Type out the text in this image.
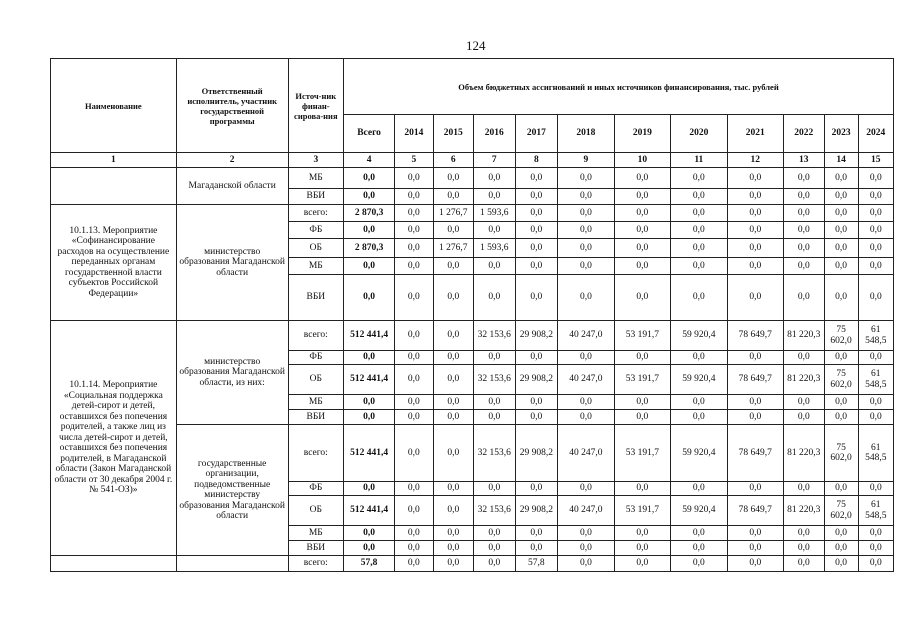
124
Наименование	Ответственный исполнитель, участник государственной программы	Источ-ник финан-сирова-ния	Объем бюджетных ассигнований и иных источников финансирования, тыс. рублей											
			Всего	2014	2015	2016	2017	2018	2019	2020	2021	2022	2023	2024
1	2	3	4	5	6	7	8	9	10	11	12	13	14	15
	Магаданской области	МБ	0,0	0,0	0,0	0,0	0,0	0,0	0,0	0,0	0,0	0,0	0,0	0,0
		ВБИ	0,0	0,0	0,0	0,0	0,0	0,0	0,0	0,0	0,0	0,0	0,0	0,0
10.1.13. Мероприятие «Софинансирование расходов на осуществление переданных органам государственной власти субъектов Российской Федерации»	министерство образования Магаданской области	всего:	2 870,3	0,0	1 276,7	1 593,6	0,0	0,0	0,0	0,0	0,0	0,0	0,0	0,0
		ФБ	0,0	0,0	0,0	0,0	0,0	0,0	0,0	0,0	0,0	0,0	0,0	0,0
		ОБ	2 870,3	0,0	1 276,7	1 593,6	0,0	0,0	0,0	0,0	0,0	0,0	0,0	0,0
		МБ	0,0	0,0	0,0	0,0	0,0	0,0	0,0	0,0	0,0	0,0	0,0	0,0
		ВБИ	0,0	0,0	0,0	0,0	0,0	0,0	0,0	0,0	0,0	0,0	0,0	0,0
10.1.14. Мероприятие «Социальная поддержка детей-сирот и детей, оставшихся без попечения родителей, а также лиц из числа детей-сирот и детей, оставшихся без попечения родителей, в Магаданской области (Закон Магаданской области от 30 декабря 2004 г. № 541-ОЗ)»	министерство образования Магаданской области, из них:	всего:	512 441,4	0,0	0,0	32 153,6	29 908,2	40 247,0	53 191,7	59 920,4	78 649,7	81 220,3	75 602,0	61 548,5
		ФБ	0,0	0,0	0,0	0,0	0,0	0,0	0,0	0,0	0,0	0,0	0,0	0,0
		ОБ	512 441,4	0,0	0,0	32 153,6	29 908,2	40 247,0	53 191,7	59 920,4	78 649,7	81 220,3	75 602,0	61 548,5
		МБ	0,0	0,0	0,0	0,0	0,0	0,0	0,0	0,0	0,0	0,0	0,0	0,0
		ВБИ	0,0	0,0	0,0	0,0	0,0	0,0	0,0	0,0	0,0	0,0	0,0	0,0
	государственные организации, подведомственные министерству образования Магаданской области	всего:	512 441,4	0,0	0,0	32 153,6	29 908,2	40 247,0	53 191,7	59 920,4	78 649,7	81 220,3	75 602,0	61 548,5
		ФБ	0,0	0,0	0,0	0,0	0,0	0,0	0,0	0,0	0,0	0,0	0,0	0,0
		ОБ	512 441,4	0,0	0,0	32 153,6	29 908,2	40 247,0	53 191,7	59 920,4	78 649,7	81 220,3	75 602,0	61 548,5
		МБ	0,0	0,0	0,0	0,0	0,0	0,0	0,0	0,0	0,0	0,0	0,0	0,0
		ВБИ	0,0	0,0	0,0	0,0	0,0	0,0	0,0	0,0	0,0	0,0	0,0	0,0
		всего:	57,8	0,0	0,0	0,0	57,8	0,0	0,0	0,0	0,0	0,0	0,0	0,0
